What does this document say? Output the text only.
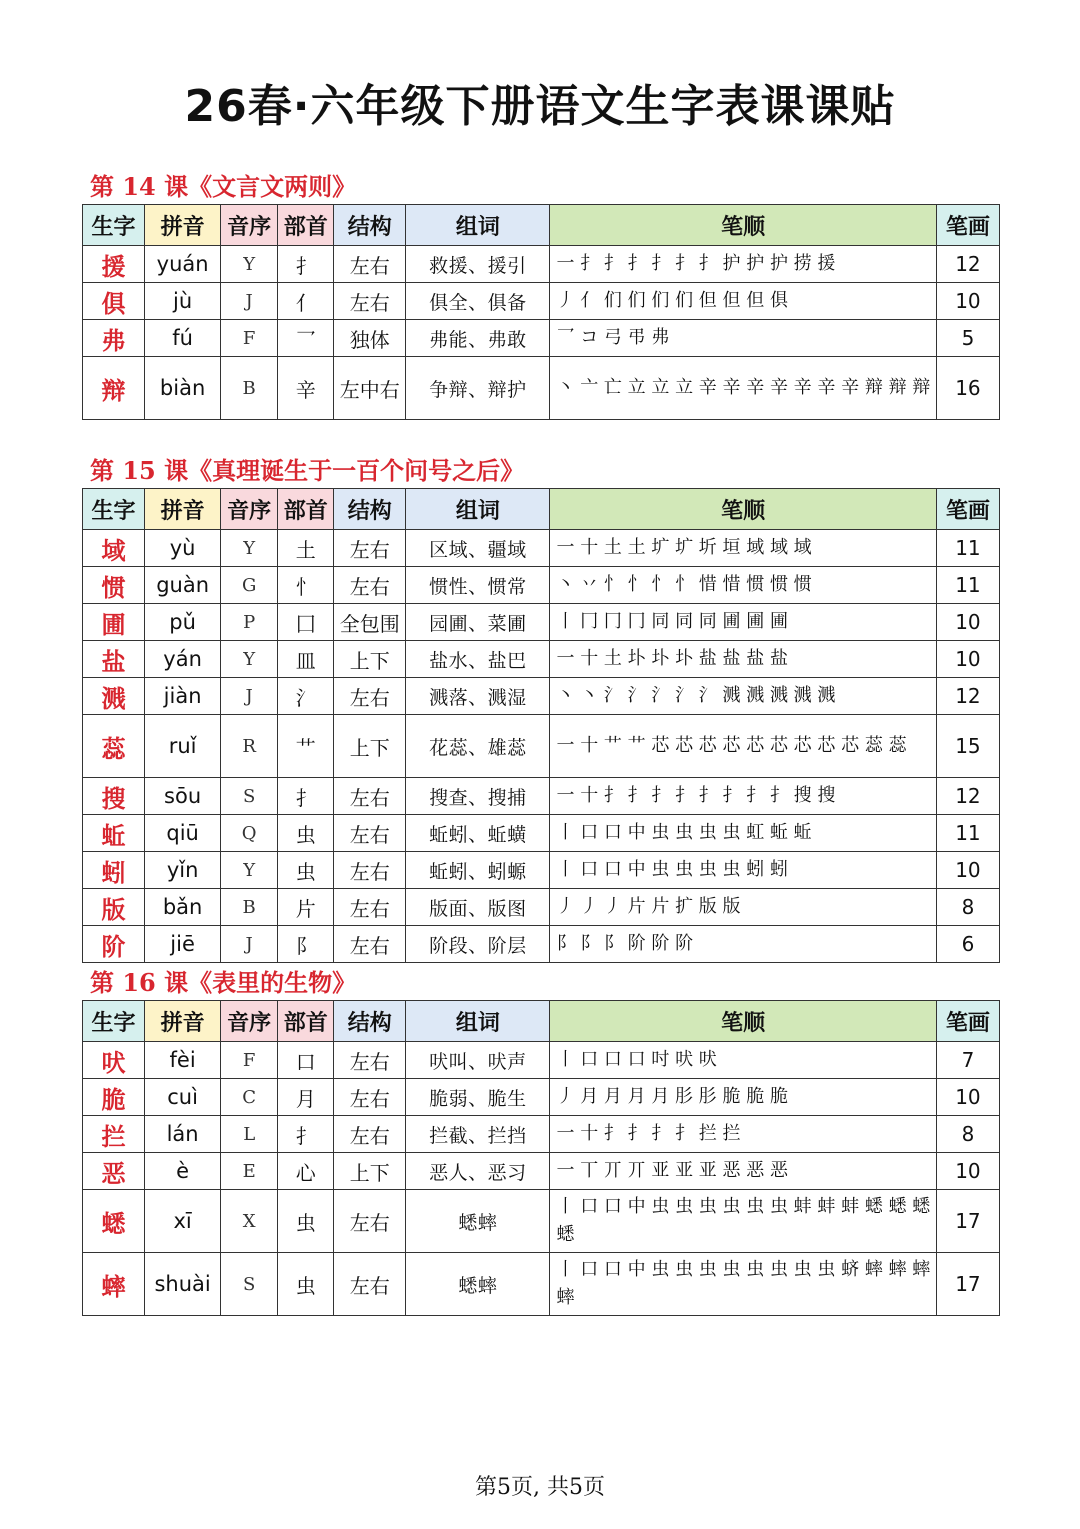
26春·六年级下册语文生字表课课贴
第 14 课《文言文两则》
生字	拼音	音序	部首	结构	组词	笔顺	笔画
援	yuán	Y	扌	左右	救援、援引	一 扌 扌 扌 扌 扌 扌 护 护 护 捞 援	12
俱	jù	J	亻	左右	俱全、俱备	丿 亻 们 们 们 们 但 但 但 俱	10
弗	fú	F	乛	独体	弗能、弗敢	乛 コ 弓 弔 弗	5
辩	biàn	B	辛	左中右	争辩、辩护	丶 亠 亡 立 立 立 辛 辛 辛 辛 辛 辛 辛 辩 辩 辩	16
第 15 课《真理诞生于一百个问号之后》
生字	拼音	音序	部首	结构	组词	笔顺	笔画
域	yù	Y	土	左右	区域、疆域	一 十 土 土 圹 圹 圻 垣 域 域 域	11
惯	guàn	G	忄	左右	惯性、惯常	丶 丷 忄 忄 忄 忄 惜 惜 惯 惯 惯	11
圃	pǔ	P	囗	全包围	园圃、菜圃	丨 冂 冂 冂 同 同 同 圃 圃 圃	10
盐	yán	Y	皿	上下	盐水、盐巴	一 十 土 圤 圤 圤 盐 盐 盐 盐	10
溅	jiàn	J	氵	左右	溅落、溅湿	丶 丶 氵 氵 氵 氵 氵 溅 溅 溅 溅 溅	12
蕊	ruǐ	R	艹	上下	花蕊、雄蕊	一 十 艹 艹 芯 芯 芯 芯 芯 芯 芯 芯 芯 蕊 蕊	15
搜	sōu	S	扌	左右	搜查、搜捕	一 十 扌 扌 扌 扌 扌 扌 扌 扌 搜 搜	12
蚯	qiū	Q	虫	左右	蚯蚓、蚯蟥	丨 口 口 中 虫 虫 虫 虫 虹 蚯 蚯	11
蚓	yǐn	Y	虫	左右	蚯蚓、蚓螈	丨 口 口 中 虫 虫 虫 虫 蚓 蚓	10
版	bǎn	B	片	左右	版面、版图	丿 丿 丿 片 片 扩 版 版	8
阶	jiē	J	阝	左右	阶段、阶层	阝 阝 阝 阶 阶 阶	6
第 16 课《表里的生物》
生字	拼音	音序	部首	结构	组词	笔顺	笔画
吠	fèi	F	口	左右	吠叫、吠声	丨 口 口 口 吋 吠 吠	7
脆	cuì	C	月	左右	脆弱、脆生	丿 月 月 月 月 肜 肜 脆 脆 脆	10
拦	lán	L	扌	左右	拦截、拦挡	一 十 扌 扌 扌 扌 拦 拦	8
恶	è	E	心	上下	恶人、恶习	一 丅 丌 丌 亚 亚 亚 恶 恶 恶	10
蟋	xī	X	虫	左右	蟋蟀	丨 口 口 中 虫 虫 虫 虫 虫 虫 蚌 蚌 蚌 蟋 蟋 蟋 蟋	17
蟀	shuài	S	虫	左右	蟋蟀	丨 口 口 中 虫 虫 虫 虫 虫 虫 虫 虫 蛴 蟀 蟀 蟀 蟀	17
第5页, 共5页
